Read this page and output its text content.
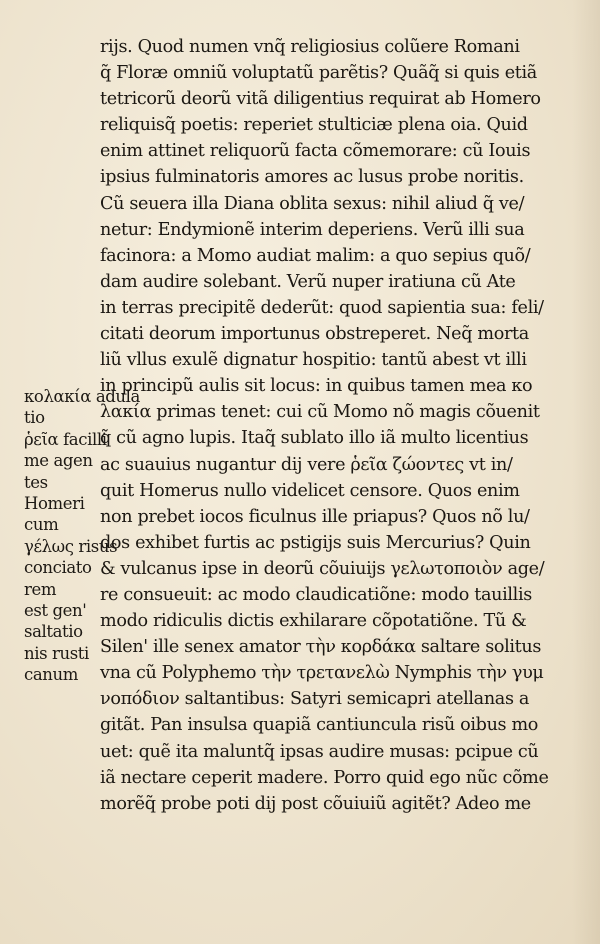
rijs. Quod numen vnq̃ religiosius colũere Romani
q̃ Floræ omniũ voluptatũ parẽtis? Quãq̃ si quis etiã
tetricorũ deorũ vitã diligentius requirat ab Homero
reliquisq̃ poetis: reperiet stulticiæ plena oia. Quid
enim attinet reliquorũ facta cõmemorare: cũ Iouis
ipsius fulminatoris amores ac lusus probe noritis.
Cũ seuera illa Diana oblita sexus: nihil aliud q̃ ve/
netur: Endymionẽ interim deperiens. Verũ illi sua
facinora: a Momo audiat malim: a quo sepius quõ/
dam audire solebant. Verũ nuper iratiuna cũ Ate
in terras precipitẽ dederũt: quod sapientia sua: feli/
citati deorum importunus obstreperet. Neq̃ morta
liũ vllus exulẽ dignatur hospitio: tantũ abest vt illi
in principũ aulis sit locus: in quibus tamen mea κο
λακία primas tenet: cui cũ Momo nõ magis cõuenit
q̃ cũ agno lupis. Itaq̃ sublato illo iã multo licentius
ac suauius nugantur dij vere ῥεῖα ζώοντες vt in/
quit Homerus nullo videlicet censore. Quos enim
non prebet iocos ficulnus ille priapus? Quos nõ lu/
dos exhibet furtis ac pstigijs suis Mercurius? Quin
& vulcanus ipse in deorũ cõuiuijs γελωτοποιὸν age/
re consueuit: ac modo claudicatiõne: modo tauillis
modo ridiculis dictis exhilarare cõpotatiõne. Tũ &
Silen' ille senex amator τὴν κορδάκα saltare solitus
vna cũ Polyphemo τὴν τρετανελὼ Nymphis τὴν γυμ
νοπόδιον saltantibus: Satyri semicapri atellanas a
gitãt. Pan insulsa quapiã cantiuncula risũ oibus mo
uet: quẽ ita maluntq̃ ipsas audire musas: pcipue cũ
iã nectare ceperit madere. Porro quid ego nũc cõme
morẽq̃ probe poti dij post cõuiuiũ agitẽt? Adeo me
κολακία adula
tio
ῥεῖα facilli
me agen
tes
Homeri
cum
γέλως risus
conciato
rem
est gen'
saltatio
nis rusti
canum
